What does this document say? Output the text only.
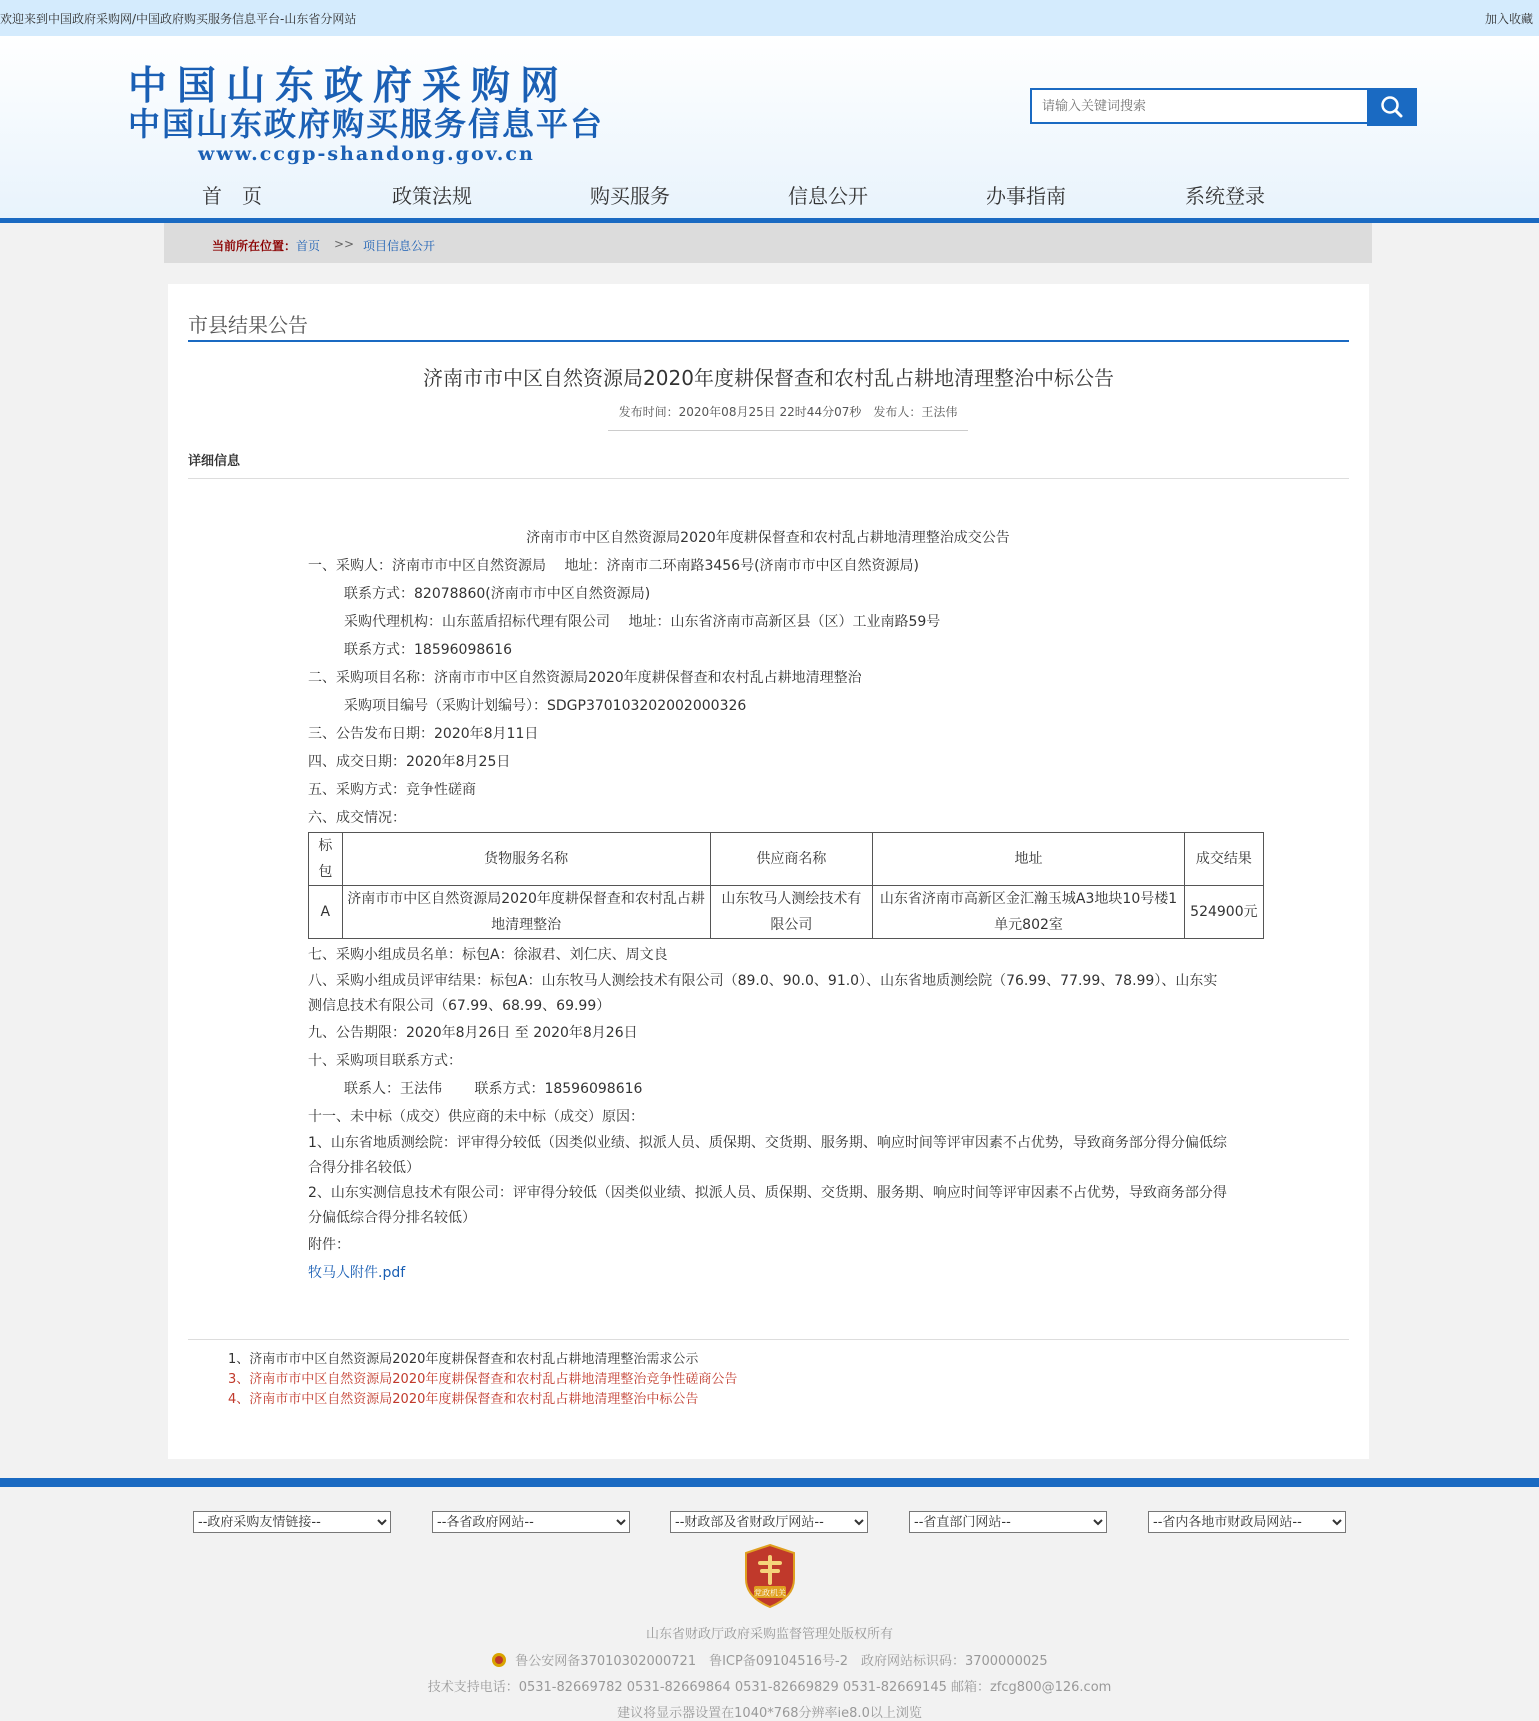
欢迎来到中国政府采购网/中国政府购买服务信息平台-山东省分网站	加入收藏
中国山东政府采购网
中国山东政府购买服务信息平台
www.ccgp-shandong.gov.cn
请输入关键词搜索
首　页	政策法规	购买服务	信息公开	办事指南	系统登录
当前所在位置： 首页 >> 项目信息公开
市县结果公告
济南市市中区自然资源局2020年度耕保督查和农村乱占耕地清理整治中标公告
发布时间：2020年08月25日 22时44分07秒　发布人：王法伟
详细信息

济南市市中区自然资源局2020年度耕保督查和农村乱占耕地清理整治成交公告

一、采购人：济南市市中区自然资源局　 地址：济南市二环南路3456号(济南市市中区自然资源局)

联系方式：82078860(济南市市中区自然资源局)

采购代理机构：山东蓝盾招标代理有限公司　 地址：山东省济南市高新区县（区）工业南路59号

联系方式：18596098616

二、采购项目名称：济南市市中区自然资源局2020年度耕保督查和农村乱占耕地清理整治

采购项目编号（采购计划编号）：SDGP370103202002000326

三、公告发布日期：2020年8月11日

四、成交日期：2020年8月25日

五、采购方式：竞争性磋商

六、成交情况：

标包	货物服务名称	供应商名称	地址	成交结果
A	济南市市中区自然资源局2020年度耕保督查和农村乱占耕地清理整治	山东牧马人测绘技术有限公司	山东省济南市高新区金汇瀚玉城A3地块10号楼1单元802室	524900元

七、采购小组成员名单：标包A：徐淑君、刘仁庆、周文良

八、采购小组成员评审结果：标包A：山东牧马人测绘技术有限公司（89.0、90.0、91.0）、山东省地质测绘院（76.99、77.99、78.99）、山东实测信息技术有限公司（67.99、68.99、69.99）

九、公告期限：2020年8月26日 至 2020年8月26日

十、采购项目联系方式：

联系人：王法伟　　 联系方式：18596098616

十一、未中标（成交）供应商的未中标（成交）原因：

1、山东省地质测绘院：评审得分较低（因类似业绩、拟派人员、质保期、交货期、服务期、响应时间等评审因素不占优势，导致商务部分得分偏低综合得分排名较低）

2、山东实测信息技术有限公司：评审得分较低（因类似业绩、拟派人员、质保期、交货期、服务期、响应时间等评审因素不占优势，导致商务部分得分偏低综合得分排名较低）

附件：

牧马人附件.pdf

1、济南市市中区自然资源局2020年度耕保督查和农村乱占耕地清理整治需求公示
3、济南市市中区自然资源局2020年度耕保督查和农村乱占耕地清理整治竞争性磋商公告
4、济南市市中区自然资源局2020年度耕保督查和农村乱占耕地清理整治中标公告
--政府采购友情链接--
--各省政府网站--
--财政部及省财政厅网站--
--省直部门网站--
--省内各地市财政局网站--
党政机关
山东省财政厅政府采购监督管理处版权所有
鲁公安网备37010302000721　鲁ICP备09104516号-2　政府网站标识码：3700000025
技术支持电话：0531-82669782 0531-82669864 0531-82669829 0531-82669145 邮箱：zfcg800@126.com
建议将显示器设置在1040*768分辨率ie8.0以上浏览
